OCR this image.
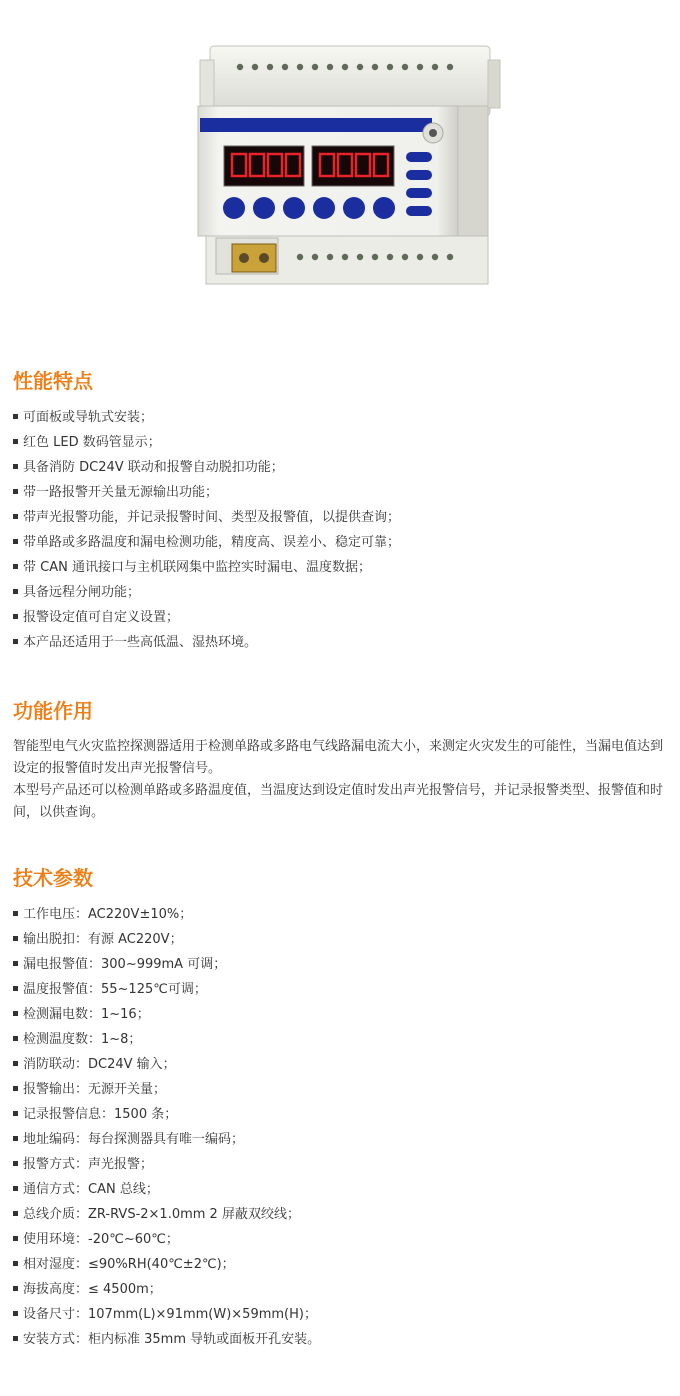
性能特点
可面板或导轨式安装；
红色 LED 数码管显示；
具备消防 DC24V 联动和报警自动脱扣功能；
带一路报警开关量无源输出功能；
带声光报警功能，并记录报警时间、类型及报警值，以提供查询；
带单路或多路温度和漏电检测功能，精度高、误差小、稳定可靠；
带 CAN 通讯接口与主机联网集中监控实时漏电、温度数据；
具备远程分闸功能；
报警设定值可自定义设置；
本产品还适用于一些高低温、湿热环境。
功能作用

智能型电气火灾监控探测器适用于检测单路或多路电气线路漏电流大小，来测定火灾发生的可能性，当漏电值达到设定的报警值时发出声光报警信号。

本型号产品还可以检测单路或多路温度值，当温度达到设定值时发出声光报警信号，并记录报警类型、报警值和时间，以供查询。

技术参数
工作电压：AC220V±10%；
输出脱扣：有源 AC220V；
漏电报警值：300~999mA 可调；
温度报警值：55~125℃可调；
检测漏电数：1~16；
检测温度数：1~8；
消防联动：DC24V 输入；
报警输出：无源开关量；
记录报警信息：1500 条；
地址编码：每台探测器具有唯一编码；
报警方式：声光报警；
通信方式：CAN 总线；
总线介质：ZR-RVS-2×1.0mm 2 屏蔽双绞线；
使用环境：-20℃~60℃；
相对湿度：≤90%RH(40℃±2℃)；
海拔高度：≤ 4500m；
设备尺寸：107mm(L)×91mm(W)×59mm(H)；
安装方式：柜内标准 35mm 导轨或面板开孔安装。
